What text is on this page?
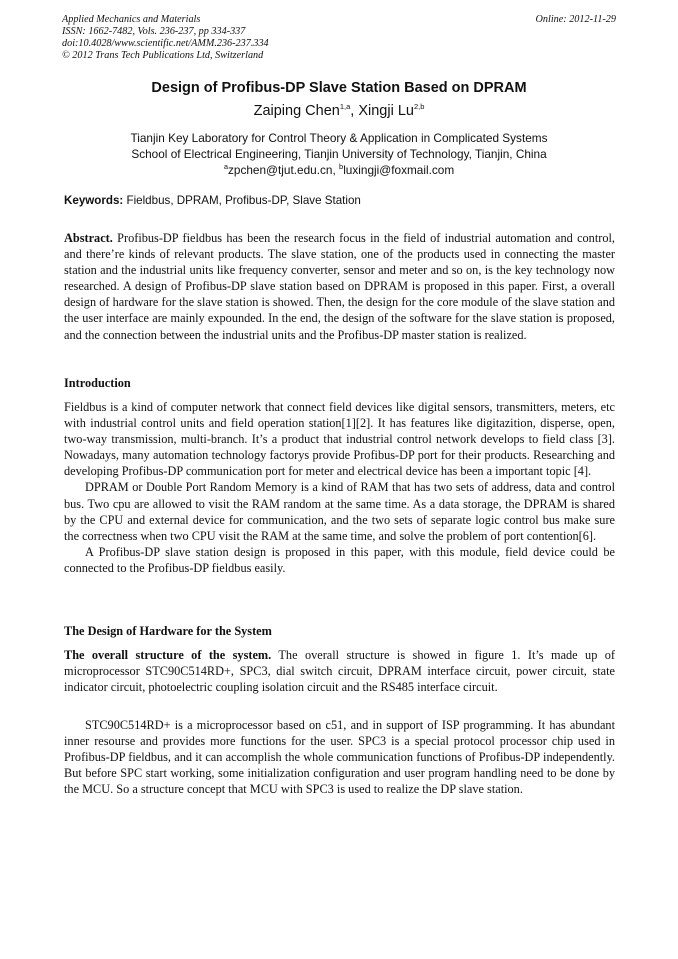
Applied Mechanics and Materials
ISSN: 1662-7482, Vols. 236-237, pp 334-337
doi:10.4028/www.scientific.net/AMM.236-237.334
© 2012 Trans Tech Publications Ltd, Switzerland
Online: 2012-11-29
Design of Profibus-DP Slave Station Based on DPRAM
Zaiping Chen$^{1,a}$, Xingji Lu$^{2,b}$
Tianjin Key Laboratory for Control Theory & Application in Complicated Systems
School of Electrical Engineering, Tianjin University of Technology, Tianjin, China
$^a$zpchen@tjut.edu.cn, $^b$luxingji@foxmail.com
Keywords: Fieldbus, DPRAM, Profibus-DP, Slave Station

Abstract. Profibus-DP fieldbus has been the research focus in the field of industrial automation and control, and there’re kinds of relevant products. The slave station, one of the products used in connecting the master station and the industrial units like frequency converter, sensor and meter and so on, is the key technology now researched. A design of Profibus-DP slave station based on DPRAM is proposed in this paper. First, a overall design of hardware for the slave station is showed. Then, the design for the core module of the slave station and the user interface are mainly expounded. In the end, the design of the software for the slave station is proposed, and the connection between the industrial units and the Profibus-DP master station is realized.

Introduction

Fieldbus is a kind of computer network that connect field devices like digital sensors, transmitters, meters, etc with industrial control units and field operation station[1][2]. It has features like digitazition, disperse, open, two-way transmission, multi-branch. It’s a product that industrial control network develops to field class [3]. Nowadays, many automation technology factorys provide Profibus-DP port for their products. Researching and developing Profibus-DP communication port for meter and electrical device has been a important topic [4].

DPRAM or Double Port Random Memory is a kind of RAM that has two sets of address, data and control bus. Two cpu are allowed to visit the RAM random at the same time. As a data storage, the DPRAM is shared by the CPU and external device for communication, and the two sets of separate logic control bus make sure the correctness when two CPU visit the RAM at the same time, and solve the problem of port contention[6].

A Profibus-DP slave station design is proposed in this paper, with this module, field device could be connected to the Profibus-DP fieldbus easily.

The Design of Hardware for the System

The overall structure of the system. The overall structure is showed in figure 1. It’s made up of microprocessor STC90C514RD+, SPC3, dial switch circuit, DPRAM interface circuit, power circuit, state indicator circuit, photoelectric coupling isolation circuit and the RS485 interface circuit.

STC90C514RD+ is a microprocessor based on c51, and in support of ISP programming. It has abundant inner resourse and provides more functions for the user. SPC3 is a special protocol processor chip used in Profibus-DP fieldbus, and it can accomplish the whole communication functions of Profibus-DP independently. But before SPC start working, some initialization configuration and user program handling need to be done by the MCU. So a structure concept that MCU with SPC3 is used to realize the DP slave station.
